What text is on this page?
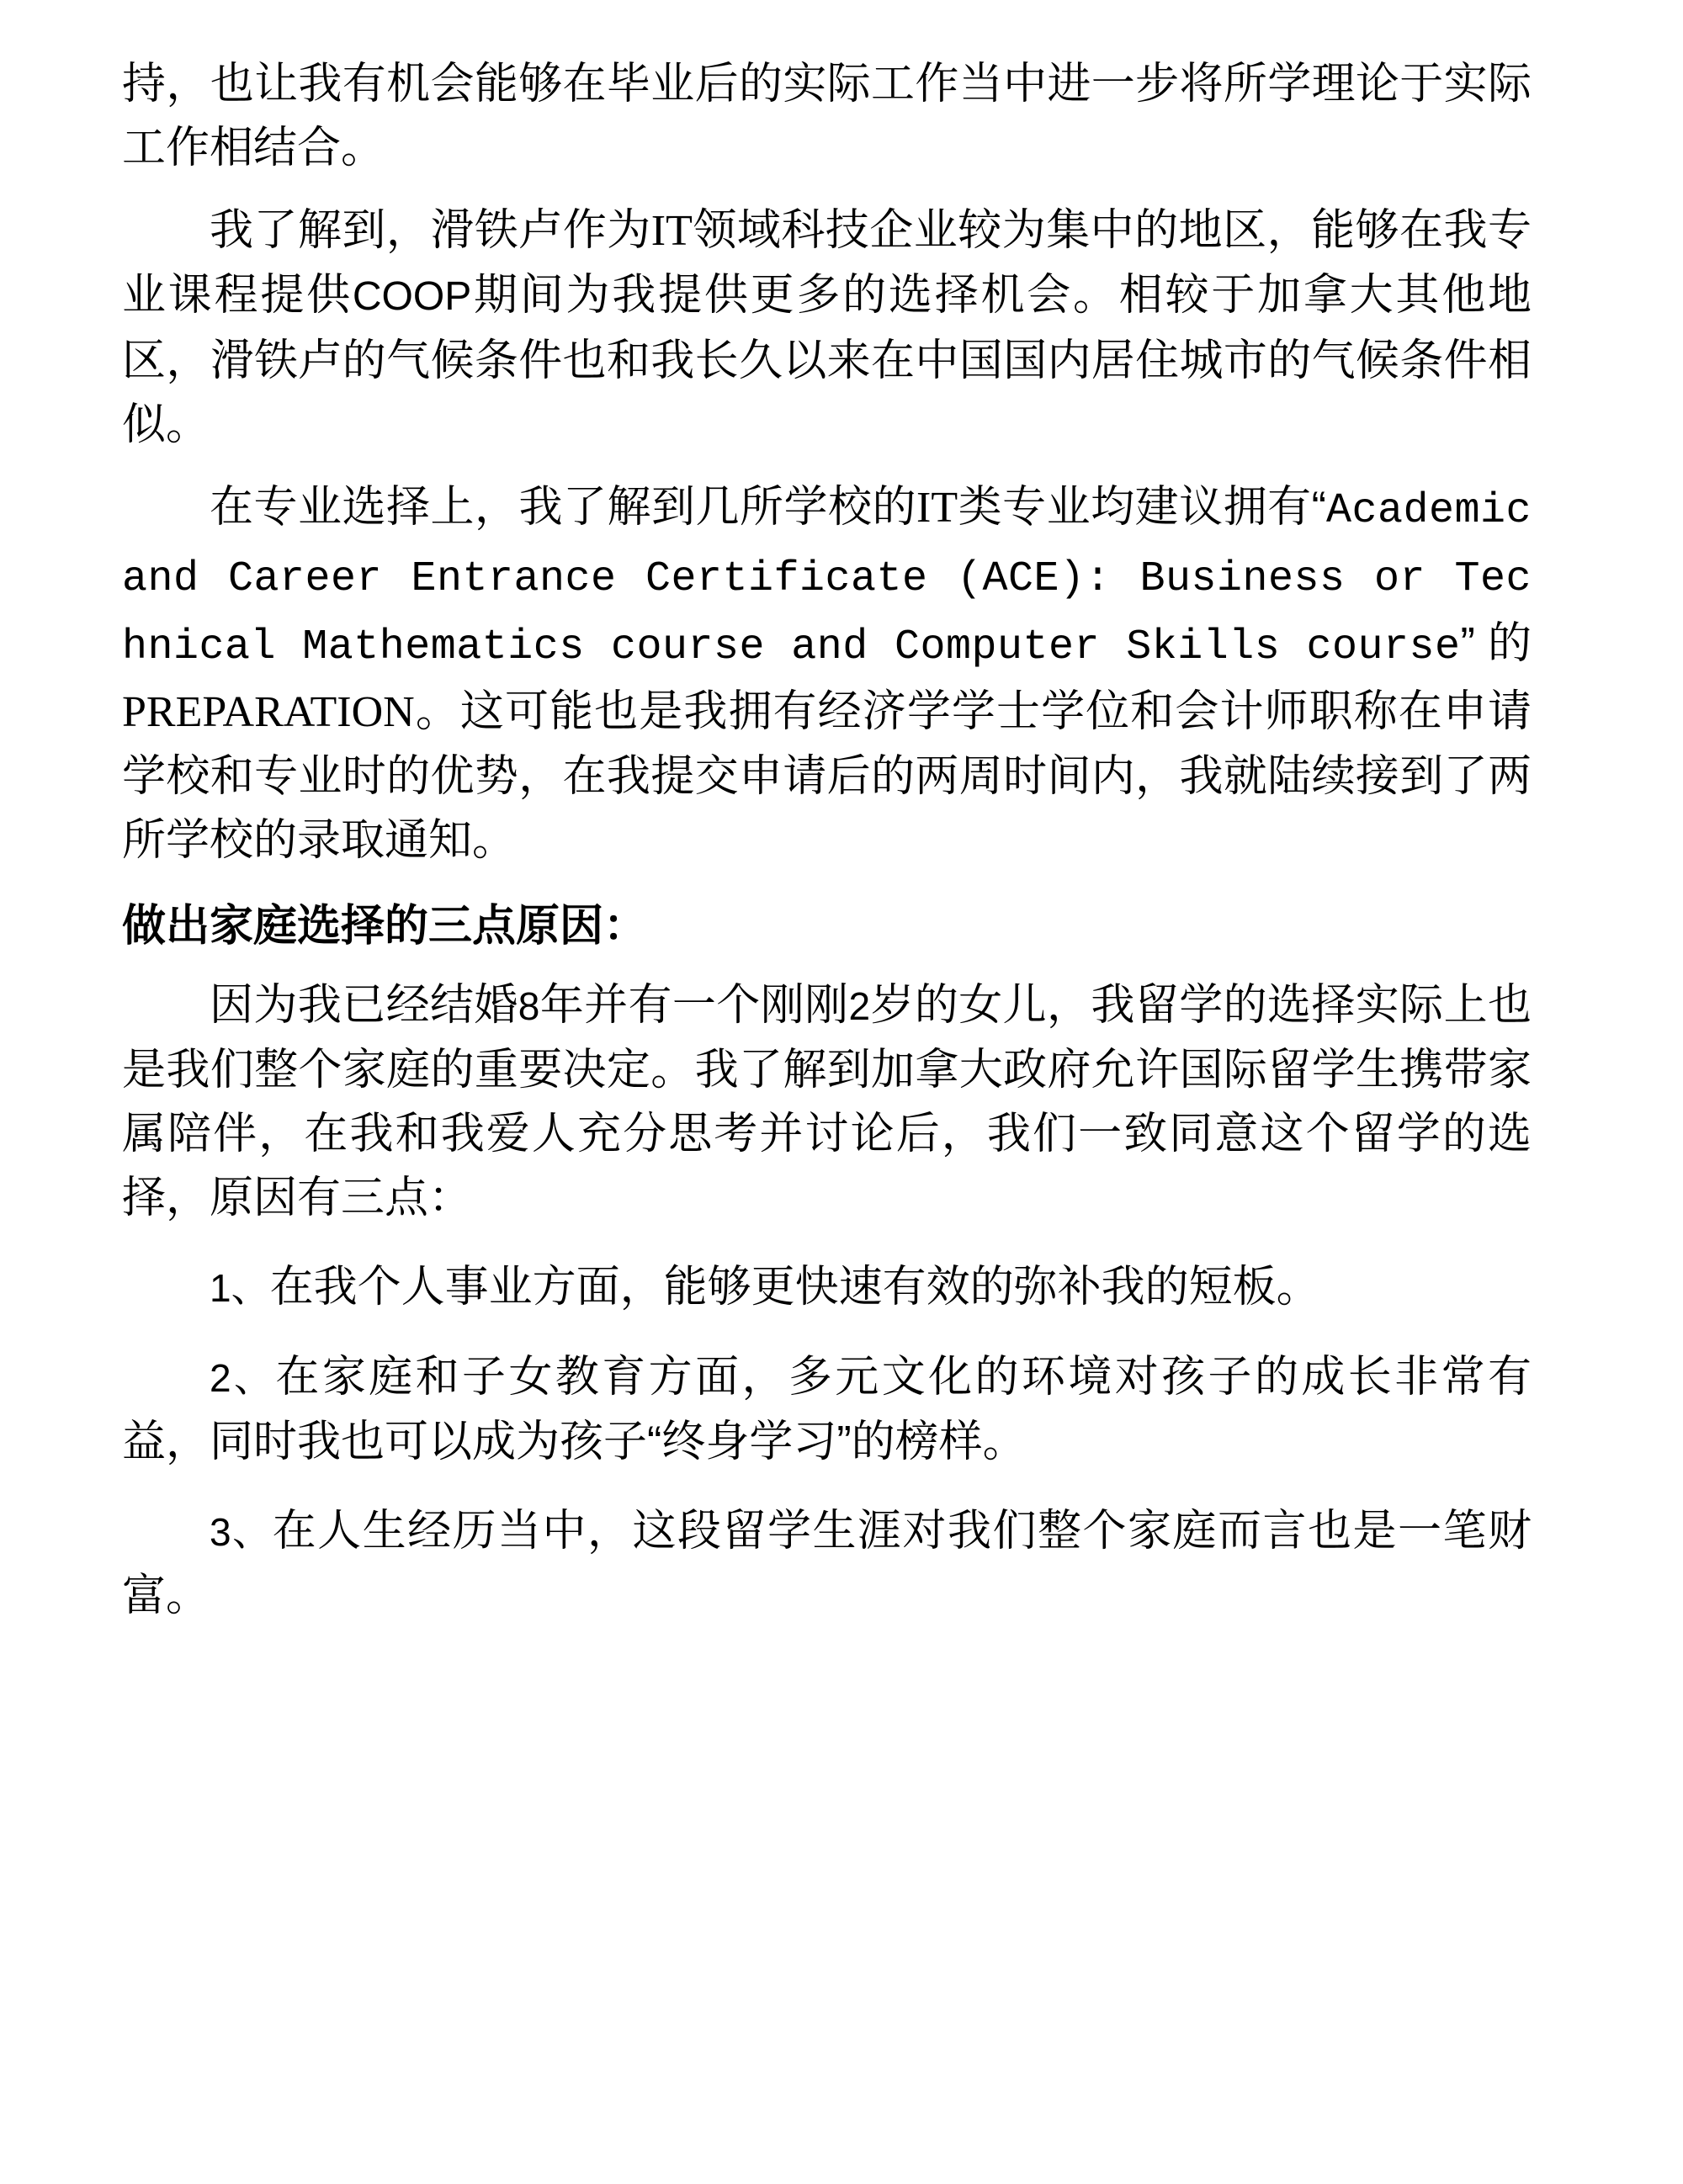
持，也让我有机会能够在毕业后的实际工作当中进一步将所学理论于实际工作相结合。

我了解到，滑铁卢作为IT领域科技企业较为集中的地区，能够在我专业课程提供COOP期间为我提供更多的选择机会。相较于加拿大其他地区，滑铁卢的气候条件也和我长久以来在中国国内居住城市的气候条件相似。

在专业选择上，我了解到几所学校的IT类专业均建议拥有“Academic and Career Entrance Certificate (ACE): Business or Technical Mathematics course and Computer Skills course” 的 PREPARATION。这可能也是我拥有经济学学士学位和会计师职称在申请学校和专业时的优势，在我提交申请后的两周时间内，我就陆续接到了两所学校的录取通知。

做出家庭选择的三点原因：

因为我已经结婚8年并有一个刚刚2岁的女儿，我留学的选择实际上也是我们整个家庭的重要决定。我了解到加拿大政府允许国际留学生携带家属陪伴，在我和我爱人充分思考并讨论后，我们一致同意这个留学的选择，原因有三点：

1、在我个人事业方面，能够更快速有效的弥补我的短板。

2、在家庭和子女教育方面，多元文化的环境对孩子的成长非常有益，同时我也可以成为孩子“终身学习”的榜样。

3、在人生经历当中，这段留学生涯对我们整个家庭而言也是一笔财富。
